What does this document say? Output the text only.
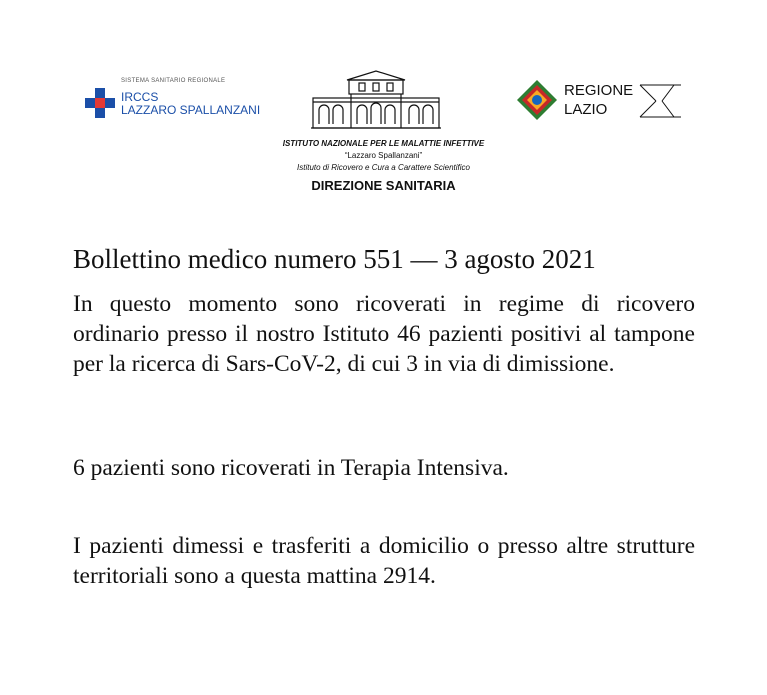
SISTEMA SANITARIO REGIONALE
IRCCS
LAZZARO SPALLANZANI
ISTITUTO NAZIONALE PER LE MALATTIE INFETTIVE
“Lazzaro Spallanzani”
Istituto di Ricovero e Cura a Carattere Scientifico
DIREZIONE SANITARIA
REGIONE
LAZIO
Bollettino medico numero 551 — 3 agosto 2021

In questo momento sono ricoverati in regime di ricovero ordinario presso il nostro Istituto 46 pazienti positivi al tampone per la ricerca di Sars-CoV-2, di cui 3 in via di dimissione.

6 pazienti sono ricoverati in Terapia Intensiva.

I pazienti dimessi e trasferiti a domicilio o presso altre strutture territoriali sono a questa mattina 2914.
